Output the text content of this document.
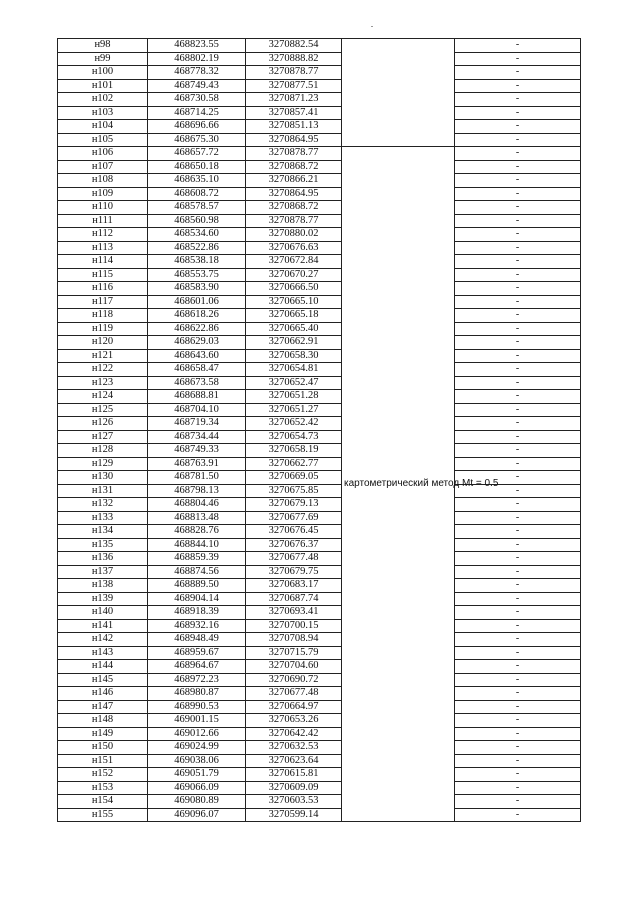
н98	468823.55	3270882.54		-
н99	468802.19	3270888.82		-
н100	468778.32	3270878.77		-
н101	468749.43	3270877.51		-
н102	468730.58	3270871.23		-
н103	468714.25	3270857.41		-
н104	468696.66	3270851.13		-
н105	468675.30	3270864.95		-
н106	468657.72	3270878.77	картометрический метод Mt = 0.5	-
н107	468650.18	3270868.72		-
н108	468635.10	3270866.21		-
н109	468608.72	3270864.95		-
н110	468578.57	3270868.72		-
н111	468560.98	3270878.77		-
н112	468534.60	3270880.02		-
н113	468522.86	3270676.63		-
н114	468538.18	3270672.84		-
н115	468553.75	3270670.27		-
н116	468583.90	3270666.50		-
н117	468601.06	3270665.10		-
н118	468618.26	3270665.18		-
н119	468622.86	3270665.40		-
н120	468629.03	3270662.91		-
н121	468643.60	3270658.30		-
н122	468658.47	3270654.81		-
н123	468673.58	3270652.47		-
н124	468688.81	3270651.28		-
н125	468704.10	3270651.27		-
н126	468719.34	3270652.42		-
н127	468734.44	3270654.73		-
н128	468749.33	3270658.19		-
н129	468763.91	3270662.77		-
н130	468781.50	3270669.05		-
н131	468798.13	3270675.85		-
н132	468804.46	3270679.13		-
н133	468813.48	3270677.69		-
н134	468828.76	3270676.45		-
н135	468844.10	3270676.37		-
н136	468859.39	3270677.48		-
н137	468874.56	3270679.75		-
н138	468889.50	3270683.17		-
н139	468904.14	3270687.74		-
н140	468918.39	3270693.41		-
н141	468932.16	3270700.15		-
н142	468948.49	3270708.94		-
н143	468959.67	3270715.79		-
н144	468964.67	3270704.60		-
н145	468972.23	3270690.72		-
н146	468980.87	3270677.48		-
н147	468990.53	3270664.97		-
н148	469001.15	3270653.26		-
н149	469012.66	3270642.42		-
н150	469024.99	3270632.53		-
н151	469038.06	3270623.64		-
н152	469051.79	3270615.81		-
н153	469066.09	3270609.09		-
н154	469080.89	3270603.53		-
н155	469096.07	3270599.14		-
